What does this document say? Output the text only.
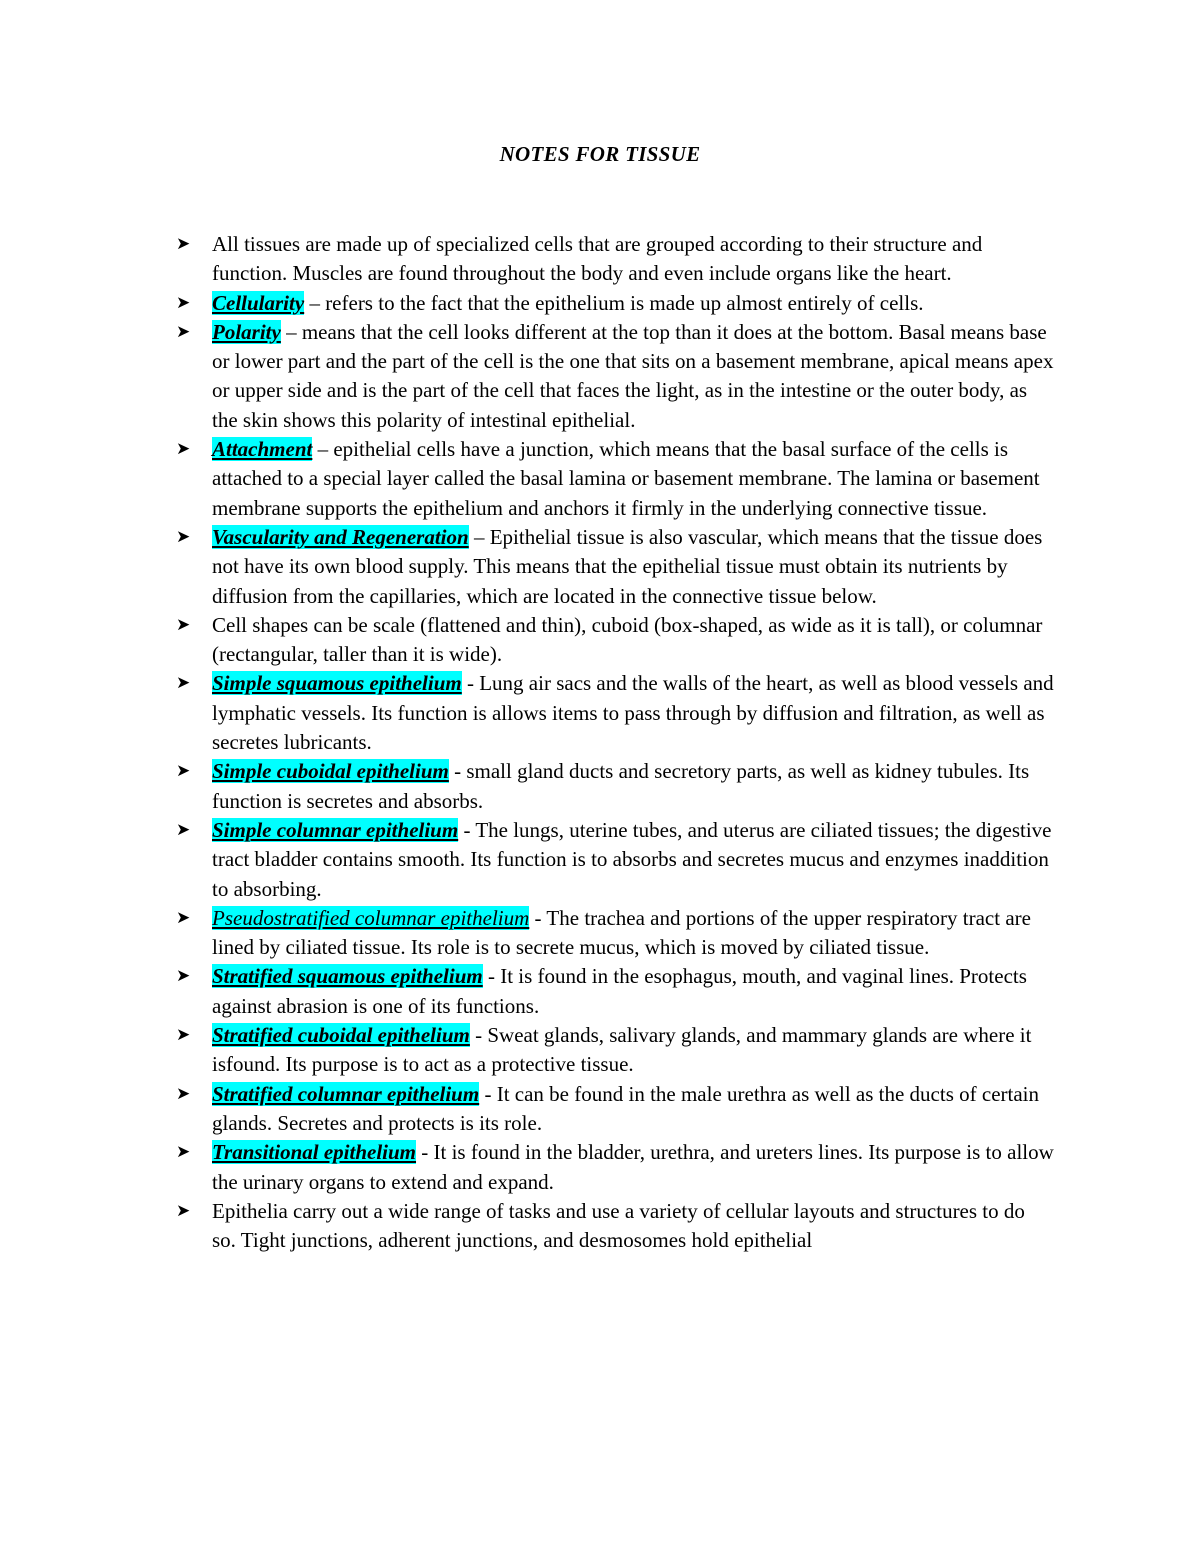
NOTES FOR TISSUE
➤ All tissues are made up of specialized cells that are grouped according to their structure and function. Muscles are found throughout the body and even include organs like the heart.
➤ Cellularity – refers to the fact that the epithelium is made up almost entirely of cells.
➤ Polarity – means that the cell looks different at the top than it does at the bottom. Basal means base or lower part and the part of the cell is the one that sits on a basement membrane, apical means apex or upper side and is the part of the cell that faces the light, as in the intestine or the outer body, as the skin shows this polarity of intestinal epithelial.
➤ Attachment – epithelial cells have a junction, which means that the basal surface of the cells is attached to a special layer called the basal lamina or basement membrane. The lamina or basement membrane supports the epithelium and anchors it firmly in the underlying connective tissue.
➤ Vascularity and Regeneration – Epithelial tissue is also vascular, which means that the tissue does not have its own blood supply. This means that the epithelial tissue must obtain its nutrients by diffusion from the capillaries, which are located in the connective tissue below.
➤ Cell shapes can be scale (flattened and thin), cuboid (box-shaped, as wide as it is tall), or columnar (rectangular, taller than it is wide).
➤ Simple squamous epithelium - Lung air sacs and the walls of the heart, as well as blood vessels and lymphatic vessels. Its function is allows items to pass through by diffusion and filtration, as well as secretes lubricants.
➤ Simple cuboidal epithelium - small gland ducts and secretory parts, as well as kidney tubules. Its function is secretes and absorbs.
➤ Simple columnar epithelium - The lungs, uterine tubes, and uterus are ciliated tissues; the digestive tract bladder contains smooth. Its function is to absorbs and secretes mucus and enzymes inaddition to absorbing.
➤ Pseudostratified columnar epithelium - The trachea and portions of the upper respiratory tract are lined by ciliated tissue. Its role is to secrete mucus, which is moved by ciliated tissue.
➤ Stratified squamous epithelium - It is found in the esophagus, mouth, and vaginal lines. Protects against abrasion is one of its functions.
➤ Stratified cuboidal epithelium - Sweat glands, salivary glands, and mammary glands are where it isfound. Its purpose is to act as a protective tissue.
➤ Stratified columnar epithelium - It can be found in the male urethra as well as the ducts of certain glands. Secretes and protects is its role.
➤ Transitional epithelium - It is found in the bladder, urethra, and ureters lines. Its purpose is to allow the urinary organs to extend and expand.
➤ Epithelia carry out a wide range of tasks and use a variety of cellular layouts and structures to do so. Tight junctions, adherent junctions, and desmosomes hold epithelial
